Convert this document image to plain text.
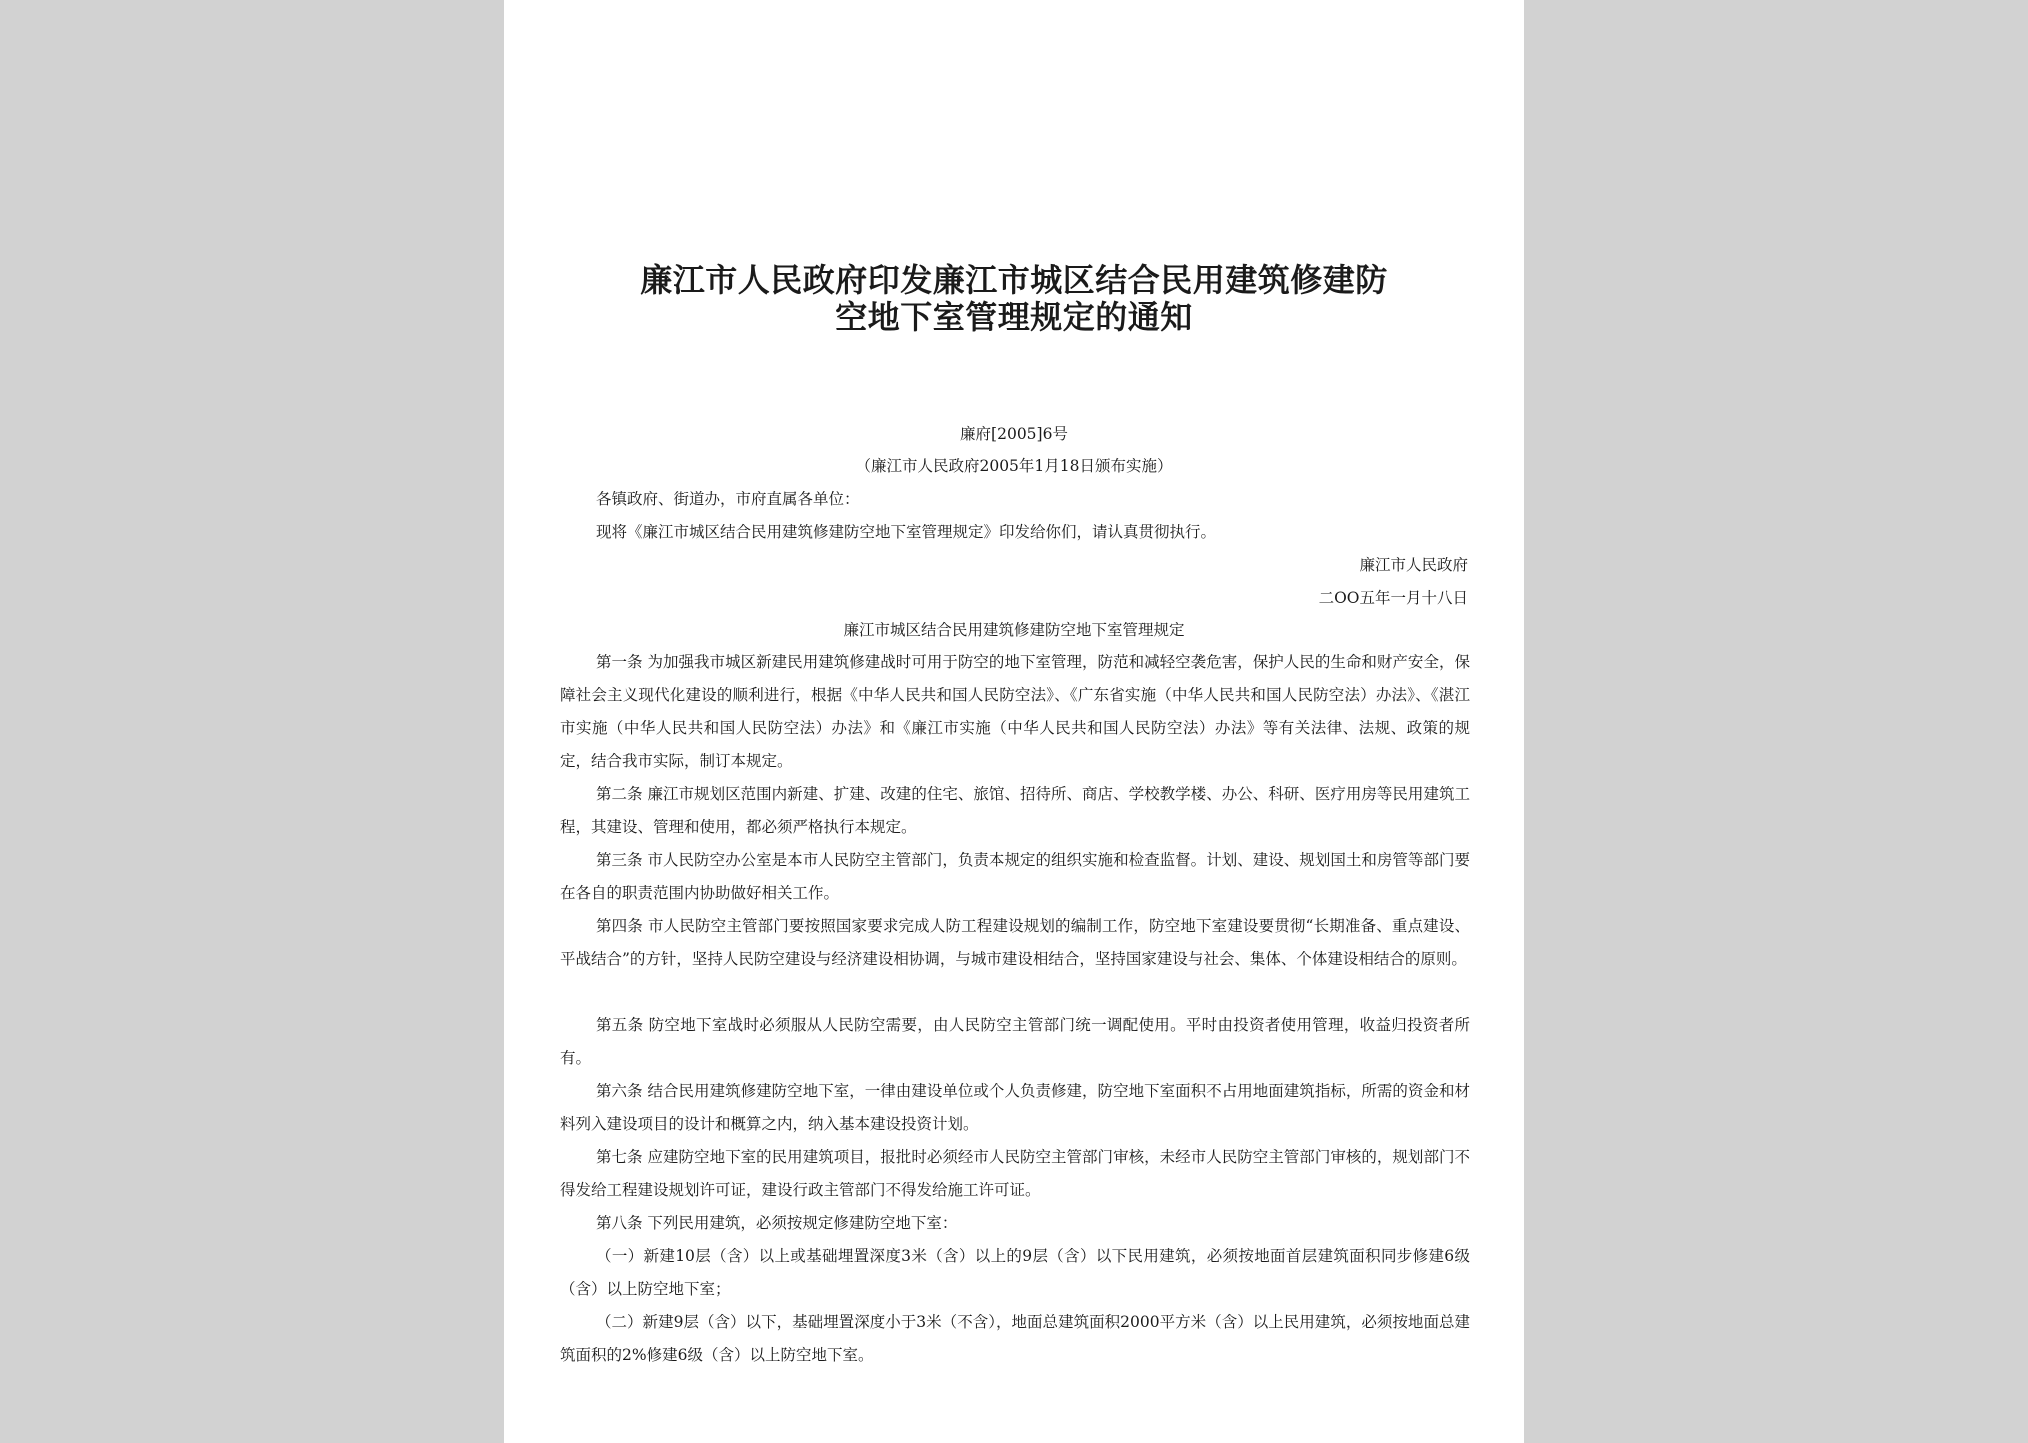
廉江市人民政府印发廉江市城区结合民用建筑修建防
空地下室管理规定的通知
廉府[2005]6号
（廉江市人民政府2005年1月18日颁布实施）
各镇政府、街道办，市府直属各单位：
现将《廉江市城区结合民用建筑修建防空地下室管理规定》印发给你们，请认真贯彻执行。
廉江市人民政府
二OO五年一月十八日
廉江市城区结合民用建筑修建防空地下室管理规定

第一条 为加强我市城区新建民用建筑修建战时可用于防空的地下室管理，防范和减轻空袭危害，保护人民的生命和财产安全，保障社会主义现代化建设的顺利进行，根据《中华人民共和国人民防空法》、《广东省实施（中华人民共和国人民防空法）办法》、《湛江市实施（中华人民共和国人民防空法）办法》和《廉江市实施（中华人民共和国人民防空法）办法》等有关法律、法规、政策的规定，结合我市实际，制订本规定。

第二条 廉江市规划区范围内新建、扩建、改建的住宅、旅馆、招待所、商店、学校教学楼、办公、科研、医疗用房等民用建筑工程，其建设、管理和使用，都必须严格执行本规定。

第三条 市人民防空办公室是本市人民防空主管部门，负责本规定的组织实施和检查监督。计划、建设、规划国土和房管等部门要在各自的职责范围内协助做好相关工作。

第四条 市人民防空主管部门要按照国家要求完成人防工程建设规划的编制工作，防空地下室建设要贯彻“长期准备、重点建设、平战结合”的方针，坚持人民防空建设与经济建设相协调，与城市建设相结合，坚持国家建设与社会、集体、个体建设相结合的原则。

第五条 防空地下室战时必须服从人民防空需要，由人民防空主管部门统一调配使用。平时由投资者使用管理，收益归投资者所有。

第六条 结合民用建筑修建防空地下室，一律由建设单位或个人负责修建，防空地下室面积不占用地面建筑指标，所需的资金和材料列入建设项目的设计和概算之内，纳入基本建设投资计划。

第七条 应建防空地下室的民用建筑项目，报批时必须经市人民防空主管部门审核，未经市人民防空主管部门审核的，规划部门不得发给工程建设规划许可证，建设行政主管部门不得发给施工许可证。

第八条 下列民用建筑，必须按规定修建防空地下室：

（一）新建10层（含）以上或基础埋置深度3米（含）以上的9层（含）以下民用建筑，必须按地面首层建筑面积同步修建6级（含）以上防空地下室；

（二）新建9层（含）以下，基础埋置深度小于3米（不含），地面总建筑面积2000平方米（含）以上民用建筑，必须按地面总建筑面积的2%修建6级（含）以上防空地下室。
